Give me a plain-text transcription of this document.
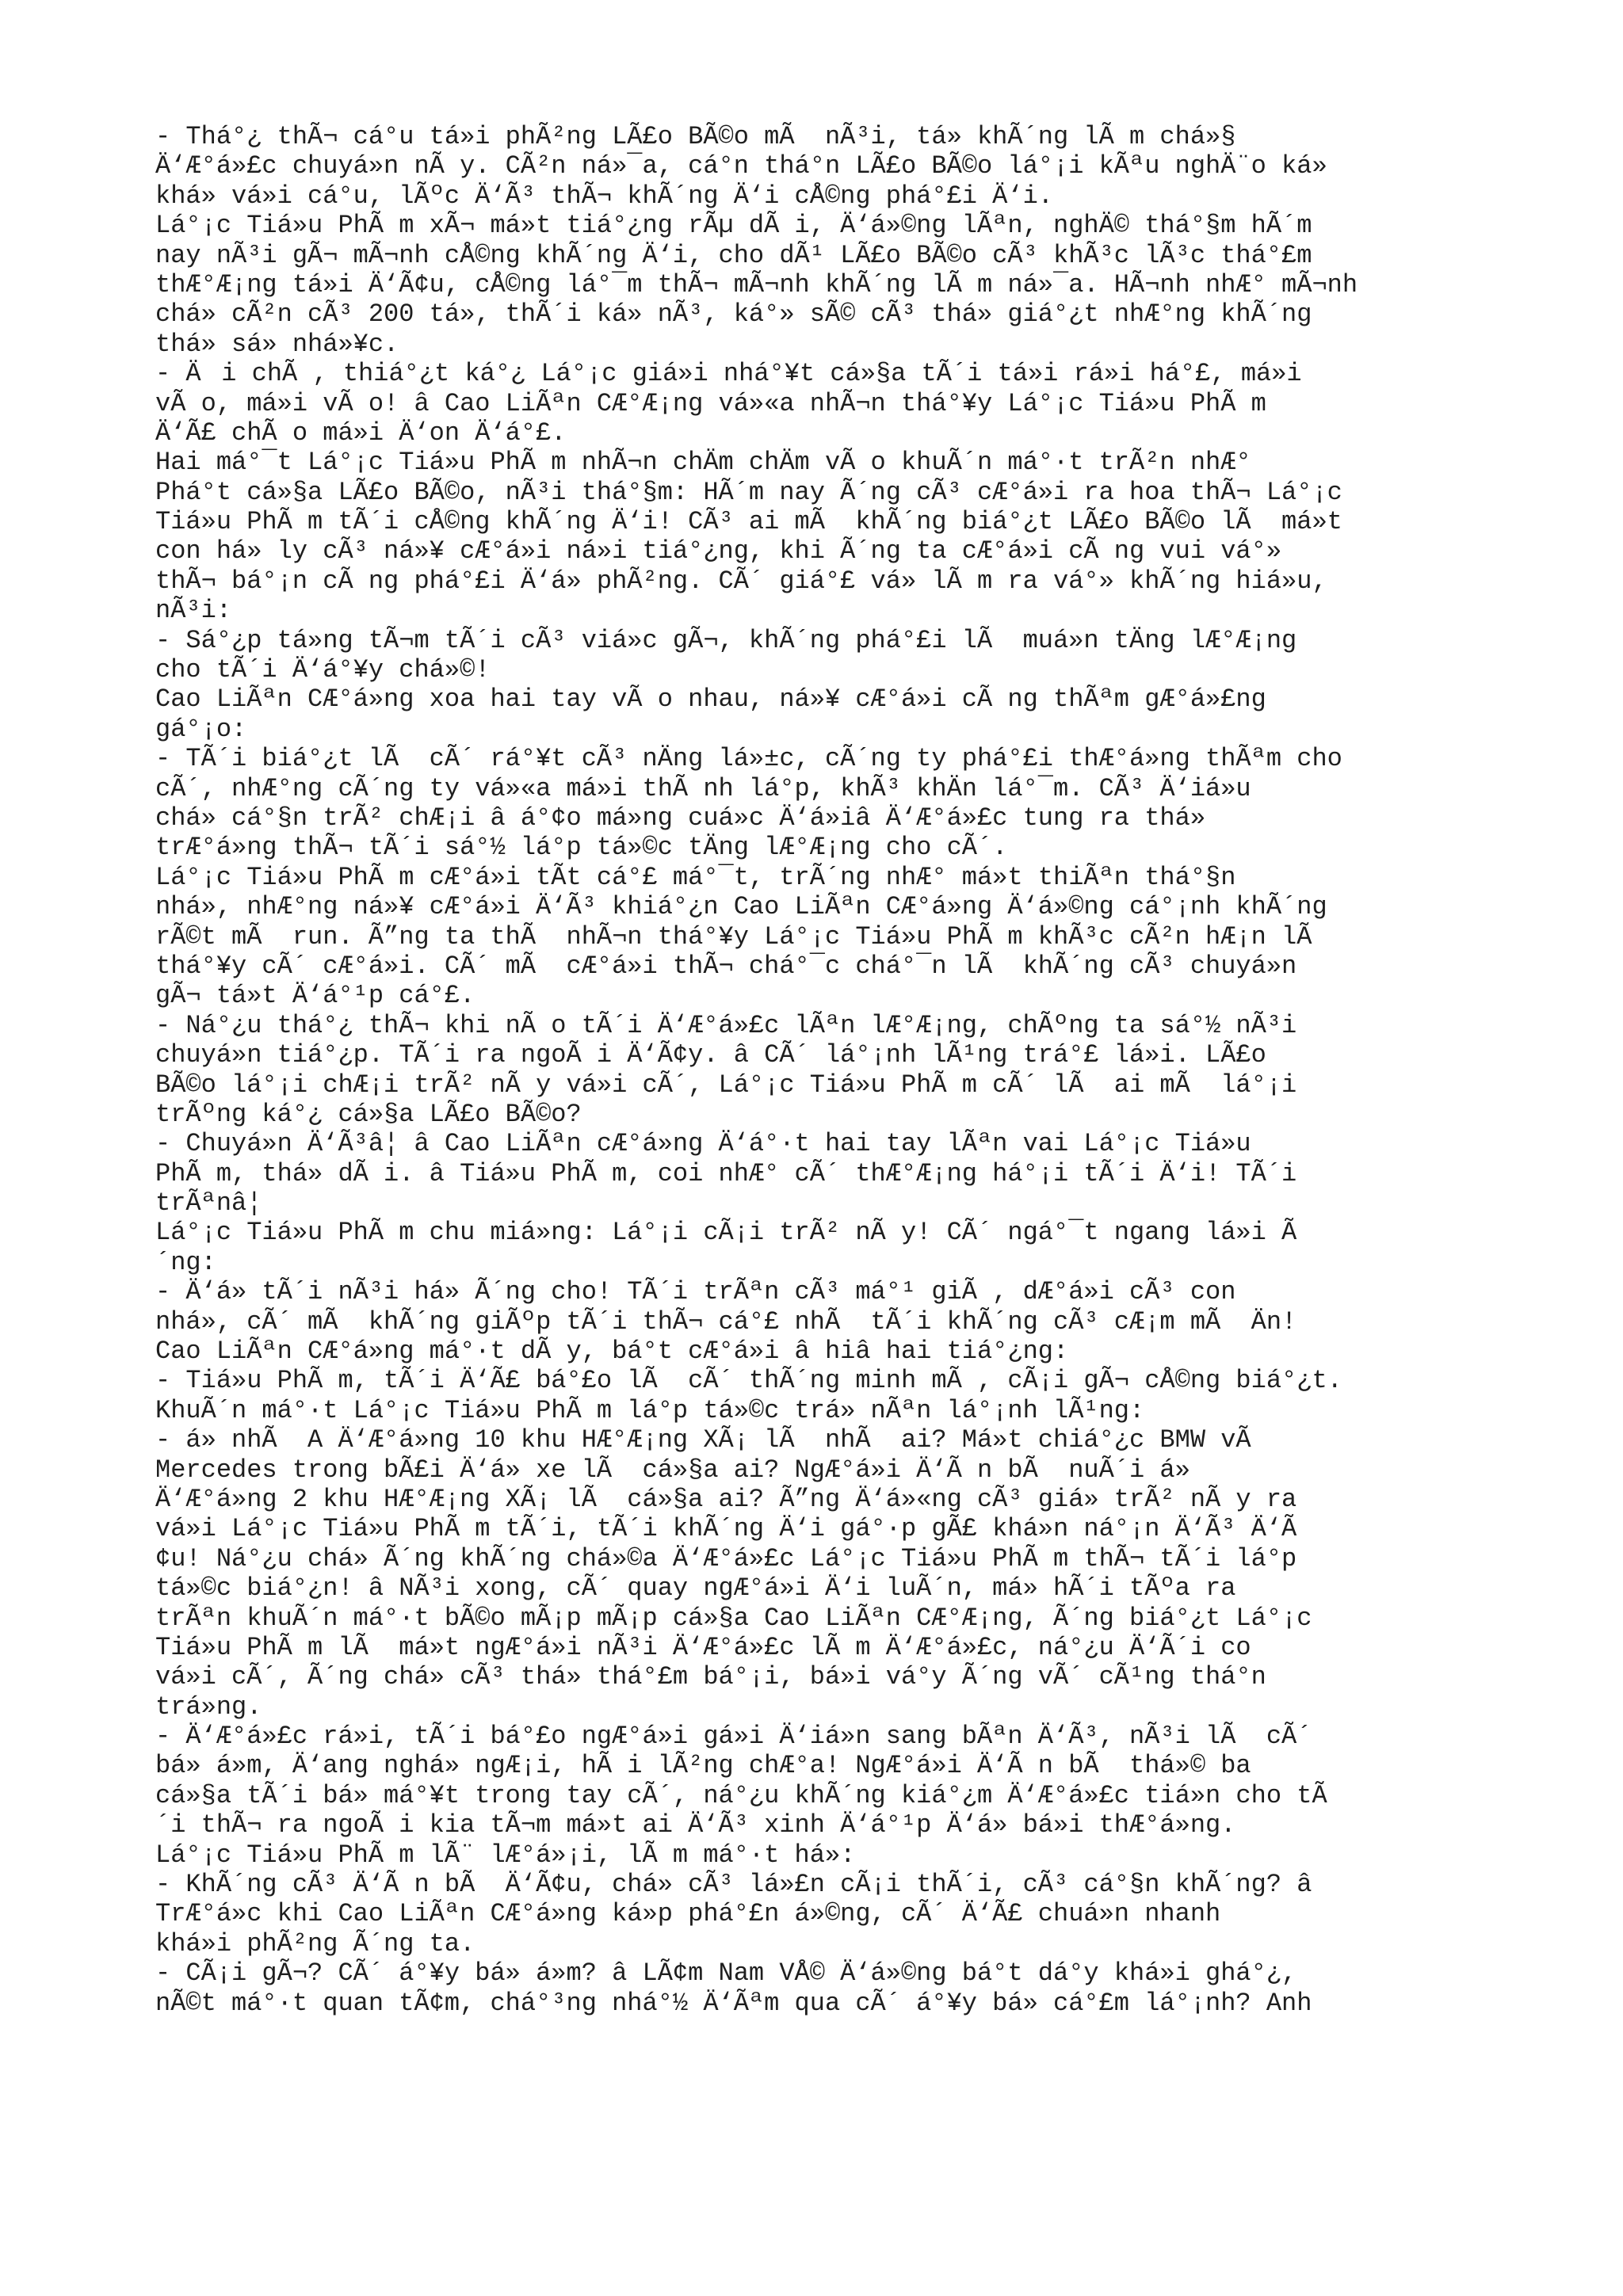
- Thá°¿ thÃ¬ cá°u tá»i phÃ²ng LÃ£o BÃ©o mÃ  nÃ³i, tá» khÃ´ng lÃ m chá»§
Ä‘Æ°á»£c chuyá»n nÃ y. CÃ²n ná»¯a, cá°n thá°n LÃ£o BÃ©o lá°¡i kÃªu nghÄ¨o ká»
khá» vá»i cá°u, lÃºc Ä‘Ã³ thÃ¬ khÃ´ng Ä‘i cÅ©ng phá°£i Ä‘i.
Lá°¡c Tiá»u PhÃ m xÃ¬ má»t tiá°¿ng rÃµ dÃ i, Ä‘á»©ng lÃªn, nghÄ© thá°§m hÃ´m
nay nÃ³i gÃ¬ mÃ¬nh cÅ©ng khÃ´ng Ä‘i, cho dÃ¹ LÃ£o BÃ©o cÃ³ khÃ³c lÃ³c thá°£m
thÆ°Æ¡ng tá»i Ä‘Ã¢u, cÅ©ng lá°¯m thÃ¬ mÃ¬nh khÃ´ng lÃ m ná»¯a. HÃ¬nh nhÆ° mÃ¬nh
chá» cÃ²n cÃ³ 200 tá», thÃ´i ká» nÃ³, ká°» sÃ© cÃ³ thá» giá°¿t nhÆ°ng khÃ´ng
thá» sá» nhá»¥c.
- Äi chÃ , thiá°¿t ká°¿ Lá°¡c giá»i nhá°¥t cá»§a tÃ´i tá»i rá»i há°£, má»i
vÃ o, má»i vÃ o! â Cao LiÃªn CÆ°Æ¡ng vá»«a nhÃ¬n thá°¥y Lá°¡c Tiá»u PhÃ m
Ä‘Ã£ chÃ o má»i Ä‘on Ä‘á°£.
Hai má°¯t Lá°¡c Tiá»u PhÃ m nhÃ¬n chÄm chÄm vÃ o khuÃ´n má°·t trÃ²n nhÆ°
Phá°t cá»§a LÃ£o BÃ©o, nÃ³i thá°§m: HÃ´m nay Ã´ng cÃ³ cÆ°á»i ra hoa thÃ¬ Lá°¡c
Tiá»u PhÃ m tÃ´i cÅ©ng khÃ´ng Ä‘i! CÃ³ ai mÃ  khÃ´ng biá°¿t LÃ£o BÃ©o lÃ  má»t
con há» ly cÃ³ ná»¥ cÆ°á»i ná»i tiá°¿ng, khi Ã´ng ta cÆ°á»i cÃ ng vui vá°»
thÃ¬ bá°¡n cÃ ng phá°£i Ä‘á» phÃ²ng. CÃ´ giá°£ vá» lÃ m ra vá°» khÃ´ng hiá»u,
nÃ³i:
- Sá°¿p tá»ng tÃ¬m tÃ´i cÃ³ viá»c gÃ¬, khÃ´ng phá°£i lÃ  muá»n tÄng lÆ°Æ¡ng
cho tÃ´i Ä‘á°¥y chá»©!
Cao LiÃªn CÆ°á»ng xoa hai tay vÃ o nhau, ná»¥ cÆ°á»i cÃ ng thÃªm gÆ°á»£ng
gá°¡o:
- TÃ´i biá°¿t lÃ  cÃ´ rá°¥t cÃ³ nÄng lá»±c, cÃ´ng ty phá°£i thÆ°á»ng thÃªm cho
cÃ´, nhÆ°ng cÃ´ng ty vá»«a má»i thÃ nh lá°p, khÃ³ khÄn lá°¯m. CÃ³ Ä‘iá»u
chá» cá°§n trÃ² chÆ¡i â á°¢o má»ng cuá»c Ä‘á»iâ Ä‘Æ°á»£c tung ra thá»
trÆ°á»ng thÃ¬ tÃ´i sá°½ lá°p tá»©c tÄng lÆ°Æ¡ng cho cÃ´.
Lá°¡c Tiá»u PhÃ m cÆ°á»i tÃt cá°£ má°¯t, trÃ´ng nhÆ° má»t thiÃªn thá°§n
nhá», nhÆ°ng ná»¥ cÆ°á»i Ä‘Ã³ khiá°¿n Cao LiÃªn CÆ°á»ng Ä‘á»©ng cá°¡nh khÃ´ng
rÃ©t mÃ  run. Ã”ng ta thÃ  nhÃ¬n thá°¥y Lá°¡c Tiá»u PhÃ m khÃ³c cÃ²n hÆ¡n lÃ
thá°¥y cÃ´ cÆ°á»i. CÃ´ mÃ  cÆ°á»i thÃ¬ chá°¯c chá°¯n lÃ  khÃ´ng cÃ³ chuyá»n
gÃ¬ tá»t Ä‘á°¹p cá°£.
- Ná°¿u thá°¿ thÃ¬ khi nÃ o tÃ´i Ä‘Æ°á»£c lÃªn lÆ°Æ¡ng, chÃºng ta sá°½ nÃ³i
chuyá»n tiá°¿p. TÃ´i ra ngoÃ i Ä‘Ã¢y. â CÃ´ lá°¡nh lÃ¹ng trá°£ lá»i. LÃ£o
BÃ©o lá°¡i chÆ¡i trÃ² nÃ y vá»i cÃ´, Lá°¡c Tiá»u PhÃ m cÃ´ lÃ  ai mÃ  lá°¡i
trÃºng ká°¿ cá»§a LÃ£o BÃ©o?
- Chuyá»n Ä‘Ã³â¦ â Cao LiÃªn cÆ°á»ng Ä‘á°·t hai tay lÃªn vai Lá°¡c Tiá»u
PhÃ m, thá» dÃ i. â Tiá»u PhÃ m, coi nhÆ° cÃ´ thÆ°Æ¡ng há°¡i tÃ´i Ä‘i! TÃ´i
trÃªnâ¦
Lá°¡c Tiá»u PhÃ m chu miá»ng: Lá°¡i cÃ¡i trÃ² nÃ y! CÃ´ ngá°¯t ngang lá»i Ã
´ng:
- Ä‘á» tÃ´i nÃ³i há» Ã´ng cho! TÃ´i trÃªn cÃ³ má°¹ giÃ , dÆ°á»i cÃ³ con
nhá», cÃ´ mÃ  khÃ´ng giÃºp tÃ´i thÃ¬ cá°£ nhÃ  tÃ´i khÃ´ng cÃ³ cÆ¡m mÃ  Än!
Cao LiÃªn CÆ°á»ng má°·t dÃ y, bá°t cÆ°á»i â hiâ hai tiá°¿ng:
- Tiá»u PhÃ m, tÃ´i Ä‘Ã£ bá°£o lÃ  cÃ´ thÃ´ng minh mÃ , cÃ¡i gÃ¬ cÅ©ng biá°¿t.
KhuÃ´n má°·t Lá°¡c Tiá»u PhÃ m lá°p tá»©c trá» nÃªn lá°¡nh lÃ¹ng:
- á» nhÃ  A Ä‘Æ°á»ng 10 khu HÆ°Æ¡ng XÃ¡ lÃ  nhÃ  ai? Má»t chiá°¿c BMW vÃ
Mercedes trong bÃ£i Ä‘á» xe lÃ  cá»§a ai? NgÆ°á»i Ä‘Ã n bÃ  nuÃ´i á»
Ä‘Æ°á»ng 2 khu HÆ°Æ¡ng XÃ¡ lÃ  cá»§a ai? Ã”ng Ä‘á»«ng cÃ³ giá» trÃ² nÃ y ra
vá»i Lá°¡c Tiá»u PhÃ m tÃ´i, tÃ´i khÃ´ng Ä‘i gá°·p gÃ£ khá»n ná°¡n Ä‘Ã³ Ä‘Ã
¢u! Ná°¿u chá» Ã´ng khÃ´ng chá»©a Ä‘Æ°á»£c Lá°¡c Tiá»u PhÃ m thÃ¬ tÃ´i lá°p
tá»©c biá°¿n! â NÃ³i xong, cÃ´ quay ngÆ°á»i Ä‘i luÃ´n, má» hÃ´i tÃºa ra
trÃªn khuÃ´n má°·t bÃ©o mÃ¡p mÃ¡p cá»§a Cao LiÃªn CÆ°Æ¡ng, Ã´ng biá°¿t Lá°¡c
Tiá»u PhÃ m lÃ  má»t ngÆ°á»i nÃ³i Ä‘Æ°á»£c lÃ m Ä‘Æ°á»£c, ná°¿u Ä‘Ã´i co
vá»i cÃ´, Ã´ng chá» cÃ³ thá» thá°£m bá°¡i, bá»i vá°y Ã´ng vÃ´ cÃ¹ng thá°n
trá»ng.
- Ä‘Æ°á»£c rá»i, tÃ´i bá°£o ngÆ°á»i gá»i Ä‘iá»n sang bÃªn Ä‘Ã³, nÃ³i lÃ  cÃ´
bá» á»m, Ä‘ang nghá» ngÆ¡i, hÃ i lÃ²ng chÆ°a! NgÆ°á»i Ä‘Ã n bÃ  thá»© ba
cá»§a tÃ´i bá» má°¥t trong tay cÃ´, ná°¿u khÃ´ng kiá°¿m Ä‘Æ°á»£c tiá»n cho tÃ
´i thÃ¬ ra ngoÃ i kia tÃ¬m má»t ai Ä‘Ã³ xinh Ä‘á°¹p Ä‘á» bá»i thÆ°á»ng.
Lá°¡c Tiá»u PhÃ m lÃ¨ lÆ°á»¡i, lÃ m má°·t há»:
- KhÃ´ng cÃ³ Ä‘Ã n bÃ  Ä‘Ã¢u, chá» cÃ³ lá»£n cÃ¡i thÃ´i, cÃ³ cá°§n khÃ´ng? â
TrÆ°á»c khi Cao LiÃªn CÆ°á»ng ká»p phá°£n á»©ng, cÃ´ Ä‘Ã£ chuá»n nhanh
khá»i phÃ²ng Ã´ng ta.
- CÃ¡i gÃ¬? CÃ´ á°¥y bá» á»m? â LÃ¢m Nam VÅ© Ä‘á»©ng bá°t dá°y khá»i ghá°¿,
nÃ©t má°·t quan tÃ¢m, chá°³ng nhá°½ Ä‘Ãªm qua cÃ´ á°¥y bá» cá°£m lá°¡nh? Anh
